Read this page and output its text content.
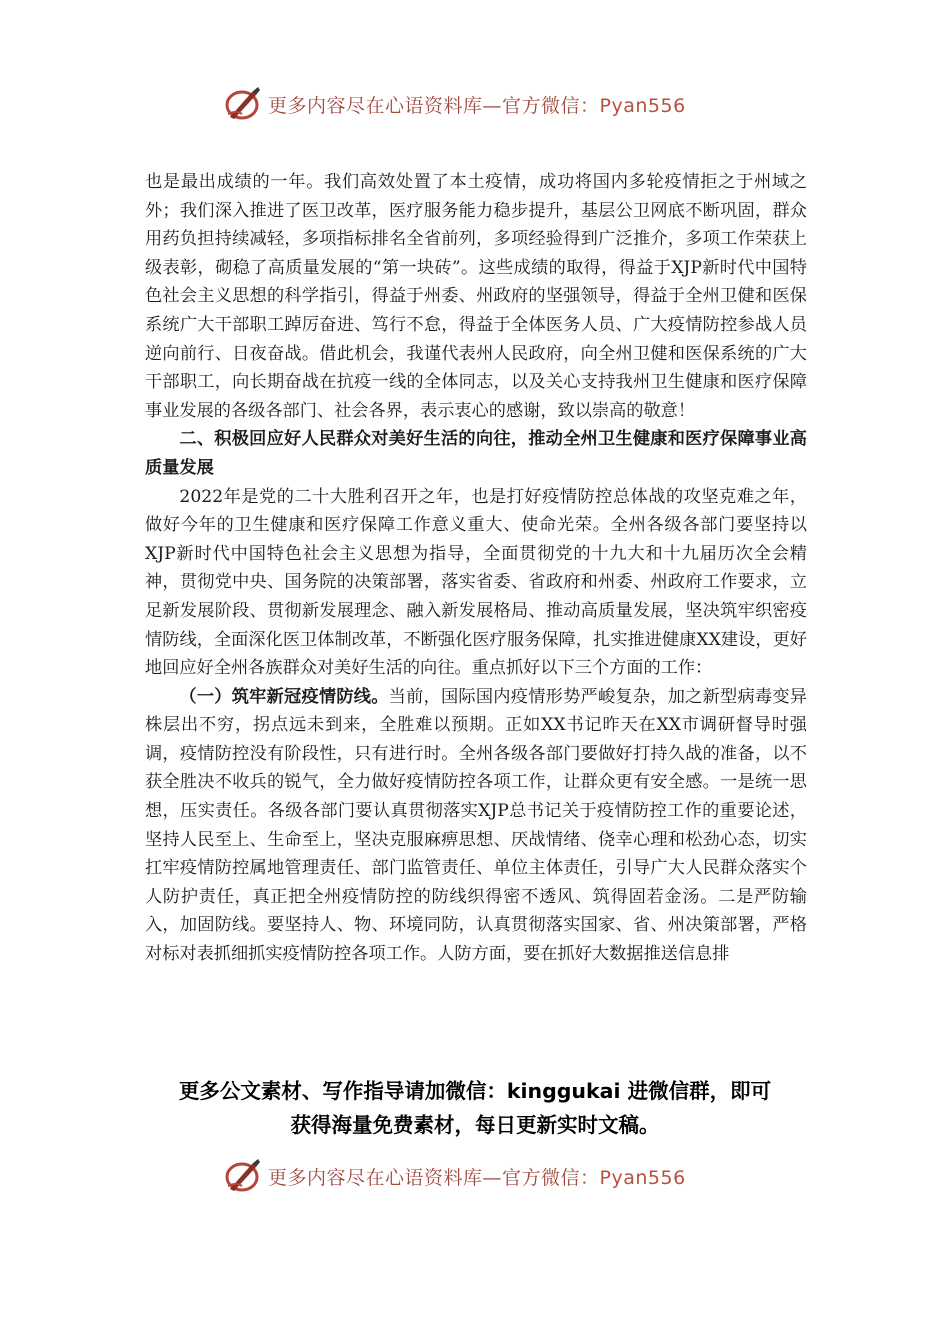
更多内容尽在心语资料库—官方微信：Pyan556

也是最出成绩的一年。我们高效处置了本土疫情，成功将国内多轮疫情拒之于州域之外；我们深入推进了医卫改革，医疗服务能力稳步提升，基层公卫网底不断巩固，群众用药负担持续减轻，多项指标排名全省前列，多项经验得到广泛推介，多项工作荣获上级表彰，砌稳了高质量发展的“第一块砖”。这些成绩的取得，得益于XJP新时代中国特色社会主义思想的科学指引，得益于州委、州政府的坚强领导，得益于全州卫健和医保系统广大干部职工踔厉奋进、笃行不怠，得益于全体医务人员、广大疫情防控参战人员逆向前行、日夜奋战。借此机会，我谨代表州人民政府，向全州卫健和医保系统的广大干部职工，向长期奋战在抗疫一线的全体同志，以及关心支持我州卫生健康和医疗保障事业发展的各级各部门、社会各界，表示衷心的感谢，致以崇高的敬意！

二、积极回应好人民群众对美好生活的向往，推动全州卫生健康和医疗保障事业高质量发展

2022年是党的二十大胜利召开之年，也是打好疫情防控总体战的攻坚克难之年，做好今年的卫生健康和医疗保障工作意义重大、使命光荣。全州各级各部门要坚持以XJP新时代中国特色社会主义思想为指导，全面贯彻党的十九大和十九届历次全会精神，贯彻党中央、国务院的决策部署，落实省委、省政府和州委、州政府工作要求，立足新发展阶段、贯彻新发展理念、融入新发展格局、推动高质量发展，坚决筑牢织密疫情防线，全面深化医卫体制改革，不断强化医疗服务保障，扎实推进健康XX建设，更好地回应好全州各族群众对美好生活的向往。重点抓好以下三个方面的工作：

（一）筑牢新冠疫情防线。当前，国际国内疫情形势严峻复杂，加之新型病毒变异株层出不穷，拐点远未到来，全胜难以预期。正如XX书记昨天在XX市调研督导时强调，疫情防控没有阶段性，只有进行时。全州各级各部门要做好打持久战的准备，以不获全胜决不收兵的锐气，全力做好疫情防控各项工作，让群众更有安全感。一是统一思想，压实责任。各级各部门要认真贯彻落实XJP总书记关于疫情防控工作的重要论述，坚持人民至上、生命至上，坚决克服麻痹思想、厌战情绪、侥幸心理和松劲心态，切实扛牢疫情防控属地管理责任、部门监管责任、单位主体责任，引导广大人民群众落实个人防护责任，真正把全州疫情防控的防线织得密不透风、筑得固若金汤。二是严防输入，加固防线。要坚持人、物、环境同防，认真贯彻落实国家、省、州决策部署，严格对标对表抓细抓实疫情防控各项工作。人防方面，要在抓好大数据推送信息排

更多公文素材、写作指导请加微信：kinggukai 进微信群，即可
获得海量免费素材，每日更新实时文稿。
更多内容尽在心语资料库—官方微信：Pyan556
